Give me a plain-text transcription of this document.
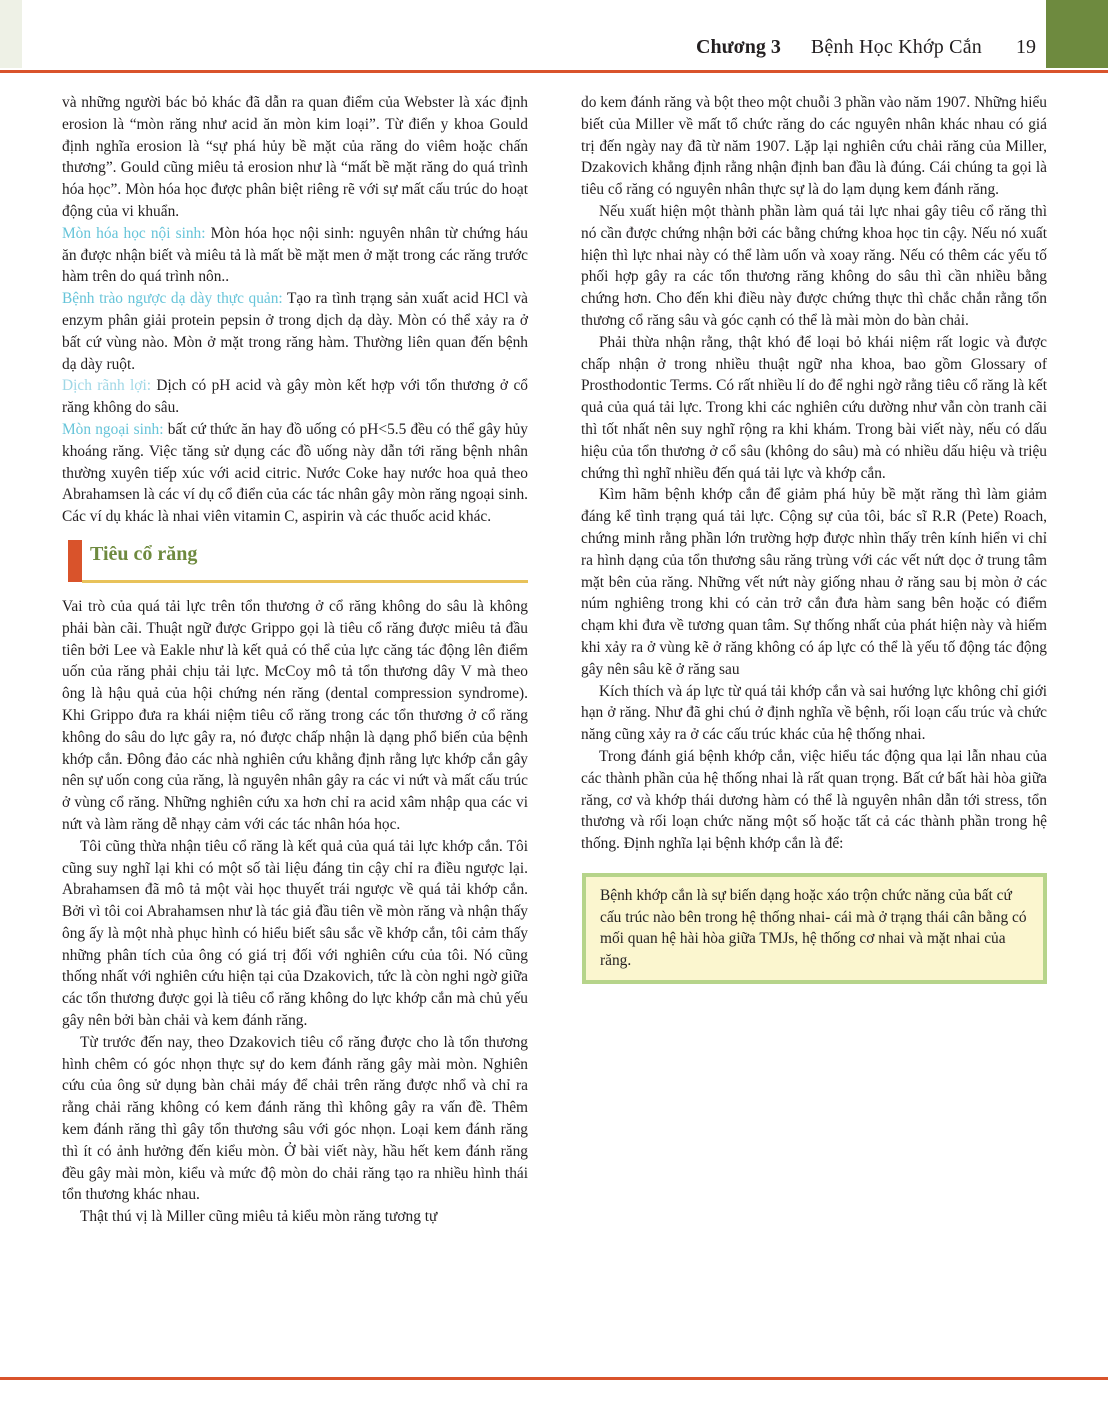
Chương 3 Bệnh Học Khớp Cắn 19

và những người bác bỏ khác đã dẫn ra quan điểm của Webster là xác định erosion là “mòn răng như acid ăn mòn kim loại”. Từ điển y khoa Gould định nghĩa erosion là “sự phá hủy bề mặt của răng do viêm hoặc chấn thương”. Gould cũng miêu tả erosion như là “mất bề mặt răng do quá trình hóa học”. Mòn hóa học được phân biệt riêng rẽ với sự mất cấu trúc do hoạt động của vi khuẩn.

Mòn hóa học nội sinh: Mòn hóa học nội sinh: nguyên nhân từ chứng háu ăn được nhận biết và miêu tả là mất bề mặt men ở mặt trong các răng trước hàm trên do quá trình nôn..

Bệnh trào ngược dạ dày thực quản: Tạo ra tình trạng sản xuất acid HCl và enzym phân giải protein pepsin ở trong dịch dạ dày. Mòn có thể xảy ra ở bất cứ vùng nào. Mòn ở mặt trong răng hàm. Thường liên quan đến bệnh dạ dày ruột.

Dịch rãnh lợi: Dịch có pH acid và gây mòn kết hợp với tổn thương ở cổ răng không do sâu.

Mòn ngoại sinh: bất cứ thức ăn hay đồ uống có pH<5.5 đều có thể gây hủy khoáng răng. Việc tăng sử dụng các đồ uống này dẫn tới răng bệnh nhân thường xuyên tiếp xúc với acid citric. Nước Coke hay nước hoa quả theo Abrahamsen là các ví dụ cổ điển của các tác nhân gây mòn răng ngoại sinh. Các ví dụ khác là nhai viên vitamin C, aspirin và các thuốc acid khác.

Tiêu cổ răng

Vai trò của quá tải lực trên tổn thương ở cổ răng không do sâu là không phải bàn cãi. Thuật ngữ được Grippo gọi là tiêu cổ răng được miêu tả đầu tiên bởi Lee và Eakle như là kết quả có thể của lực căng tác động lên điểm uốn của răng phải chịu tải lực. McCoy mô tả tổn thương dây V mà theo ông là hậu quả của hội chứng nén răng (dental compression syndrome). Khi Grippo đưa ra khái niệm tiêu cổ răng trong các tổn thương ở cổ răng không do sâu do lực gây ra, nó được chấp nhận là dạng phổ biến của bệnh khớp cắn. Đông đảo các nhà nghiên cứu khẳng định rằng lực khớp cắn gây nên sự uốn cong của răng, là nguyên nhân gây ra các vi nứt và mất cấu trúc ở vùng cổ răng. Những nghiên cứu xa hơn chỉ ra acid xâm nhập qua các vi nứt và làm răng dễ nhạy cảm với các tác nhân hóa học.

Tôi cũng thừa nhận tiêu cổ răng là kết quả của quá tải lực khớp cắn. Tôi cũng suy nghĩ lại khi có một số tài liệu đáng tin cậy chỉ ra điều ngược lại. Abrahamsen đã mô tả một vài học thuyết trái ngược về quá tải khớp cắn. Bởi vì tôi coi Abrahamsen như là tác giả đầu tiên về mòn răng và nhận thấy ông ấy là một nhà phục hình có hiểu biết sâu sắc về khớp cắn, tôi cảm thấy những phân tích của ông có giá trị đối với nghiên cứu của tôi. Nó cũng thống nhất với nghiên cứu hiện tại của Dzakovich, tức là còn nghi ngờ giữa các tổn thương được gọi là tiêu cổ răng không do lực khớp cắn mà chủ yếu gây nên bởi bàn chải và kem đánh răng.

Từ trước đến nay, theo Dzakovich tiêu cổ răng được cho là tổn thương hình chêm có góc nhọn thực sự do kem đánh răng gây mài mòn. Nghiên cứu của ông sử dụng bàn chải máy để chải trên răng được nhổ và chỉ ra rằng chải răng không có kem đánh răng thì không gây ra vấn đề. Thêm kem đánh răng thì gây tổn thương sâu với góc nhọn. Loại kem đánh răng thì ít có ảnh hưởng đến kiểu mòn. Ở bài viết này, hầu hết kem đánh răng đều gây mài mòn, kiểu và mức độ mòn do chải răng tạo ra nhiều hình thái tổn thương khác nhau.

Thật thú vị là Miller cũng miêu tả kiểu mòn răng tương tự

do kem đánh răng và bột theo một chuỗi 3 phần vào năm 1907. Những hiểu biết của Miller về mất tổ chức răng do các nguyên nhân khác nhau có giá trị đến ngày nay đã từ năm 1907. Lặp lại nghiên cứu chải răng của Miller, Dzakovich khẳng định rằng nhận định ban đầu là đúng. Cái chúng ta gọi là tiêu cổ răng có nguyên nhân thực sự là do lạm dụng kem đánh răng.

Nếu xuất hiện một thành phần làm quá tải lực nhai gây tiêu cổ răng thì nó cần được chứng nhận bởi các bằng chứng khoa học tin cậy. Nếu nó xuất hiện thì lực nhai này có thể làm uốn và xoay răng. Nếu có thêm các yếu tố phối hợp gây ra các tổn thương răng không do sâu thì cần nhiều bằng chứng hơn. Cho đến khi điều này được chứng thực thì chắc chắn rằng tổn thương cổ răng sâu và góc cạnh có thể là mài mòn do bàn chải.

Phải thừa nhận rằng, thật khó để loại bỏ khái niệm rất logic và được chấp nhận ở trong nhiều thuật ngữ nha khoa, bao gồm Glossary of Prosthodontic Terms. Có rất nhiều lí do để nghi ngờ rằng tiêu cổ răng là kết quả của quá tải lực. Trong khi các nghiên cứu dường như vẫn còn tranh cãi thì tốt nhất nên suy nghĩ rộng ra khi khám. Trong bài viết này, nếu có dấu hiệu của tổn thương ở cổ sâu (không do sâu) mà có nhiều dấu hiệu và triệu chứng thì nghĩ nhiều đến quá tải lực và khớp cắn.

Kìm hãm bệnh khớp cắn để giảm phá hủy bề mặt răng thì làm giảm đáng kể tình trạng quá tải lực. Cộng sự của tôi, bác sĩ R.R (Pete) Roach, chứng minh rằng phần lớn trường hợp được nhìn thấy trên kính hiển vi chỉ ra hình dạng của tổn thương sâu răng trùng với các vết nứt dọc ở trung tâm mặt bên của răng. Những vết nứt này giống nhau ở răng sau bị mòn ở các núm nghiêng trong khi có cản trở cắn đưa hàm sang bên hoặc có điểm chạm khi đưa về tương quan tâm. Sự thống nhất của phát hiện này và hiếm khi xảy ra ở vùng kẽ ở răng không có áp lực có thể là yếu tố động tác động gây nên sâu kẽ ở răng sau

Kích thích và áp lực từ quá tải khớp cắn và sai hướng lực không chỉ giới hạn ở răng. Như đã ghi chú ở định nghĩa về bệnh, rối loạn cấu trúc và chức năng cũng xảy ra ở các cấu trúc khác của hệ thống nhai.

Trong đánh giá bệnh khớp cắn, việc hiểu tác động qua lại lẫn nhau của các thành phần của hệ thống nhai là rất quan trọng. Bất cứ bất hài hòa giữa răng, cơ và khớp thái dương hàm có thể là nguyên nhân dẫn tới stress, tổn thương và rối loạn chức năng một số hoặc tất cả các thành phần trong hệ thống. Định nghĩa lại bệnh khớp cắn là để:

Bệnh khớp cắn là sự biến dạng hoặc xáo trộn chức năng của bất cứ cấu trúc nào bên trong hệ thống nhai- cái mà ở trạng thái cân bằng có mối quan hệ hài hòa giữa TMJs, hệ thống cơ nhai và mặt nhai của răng.
